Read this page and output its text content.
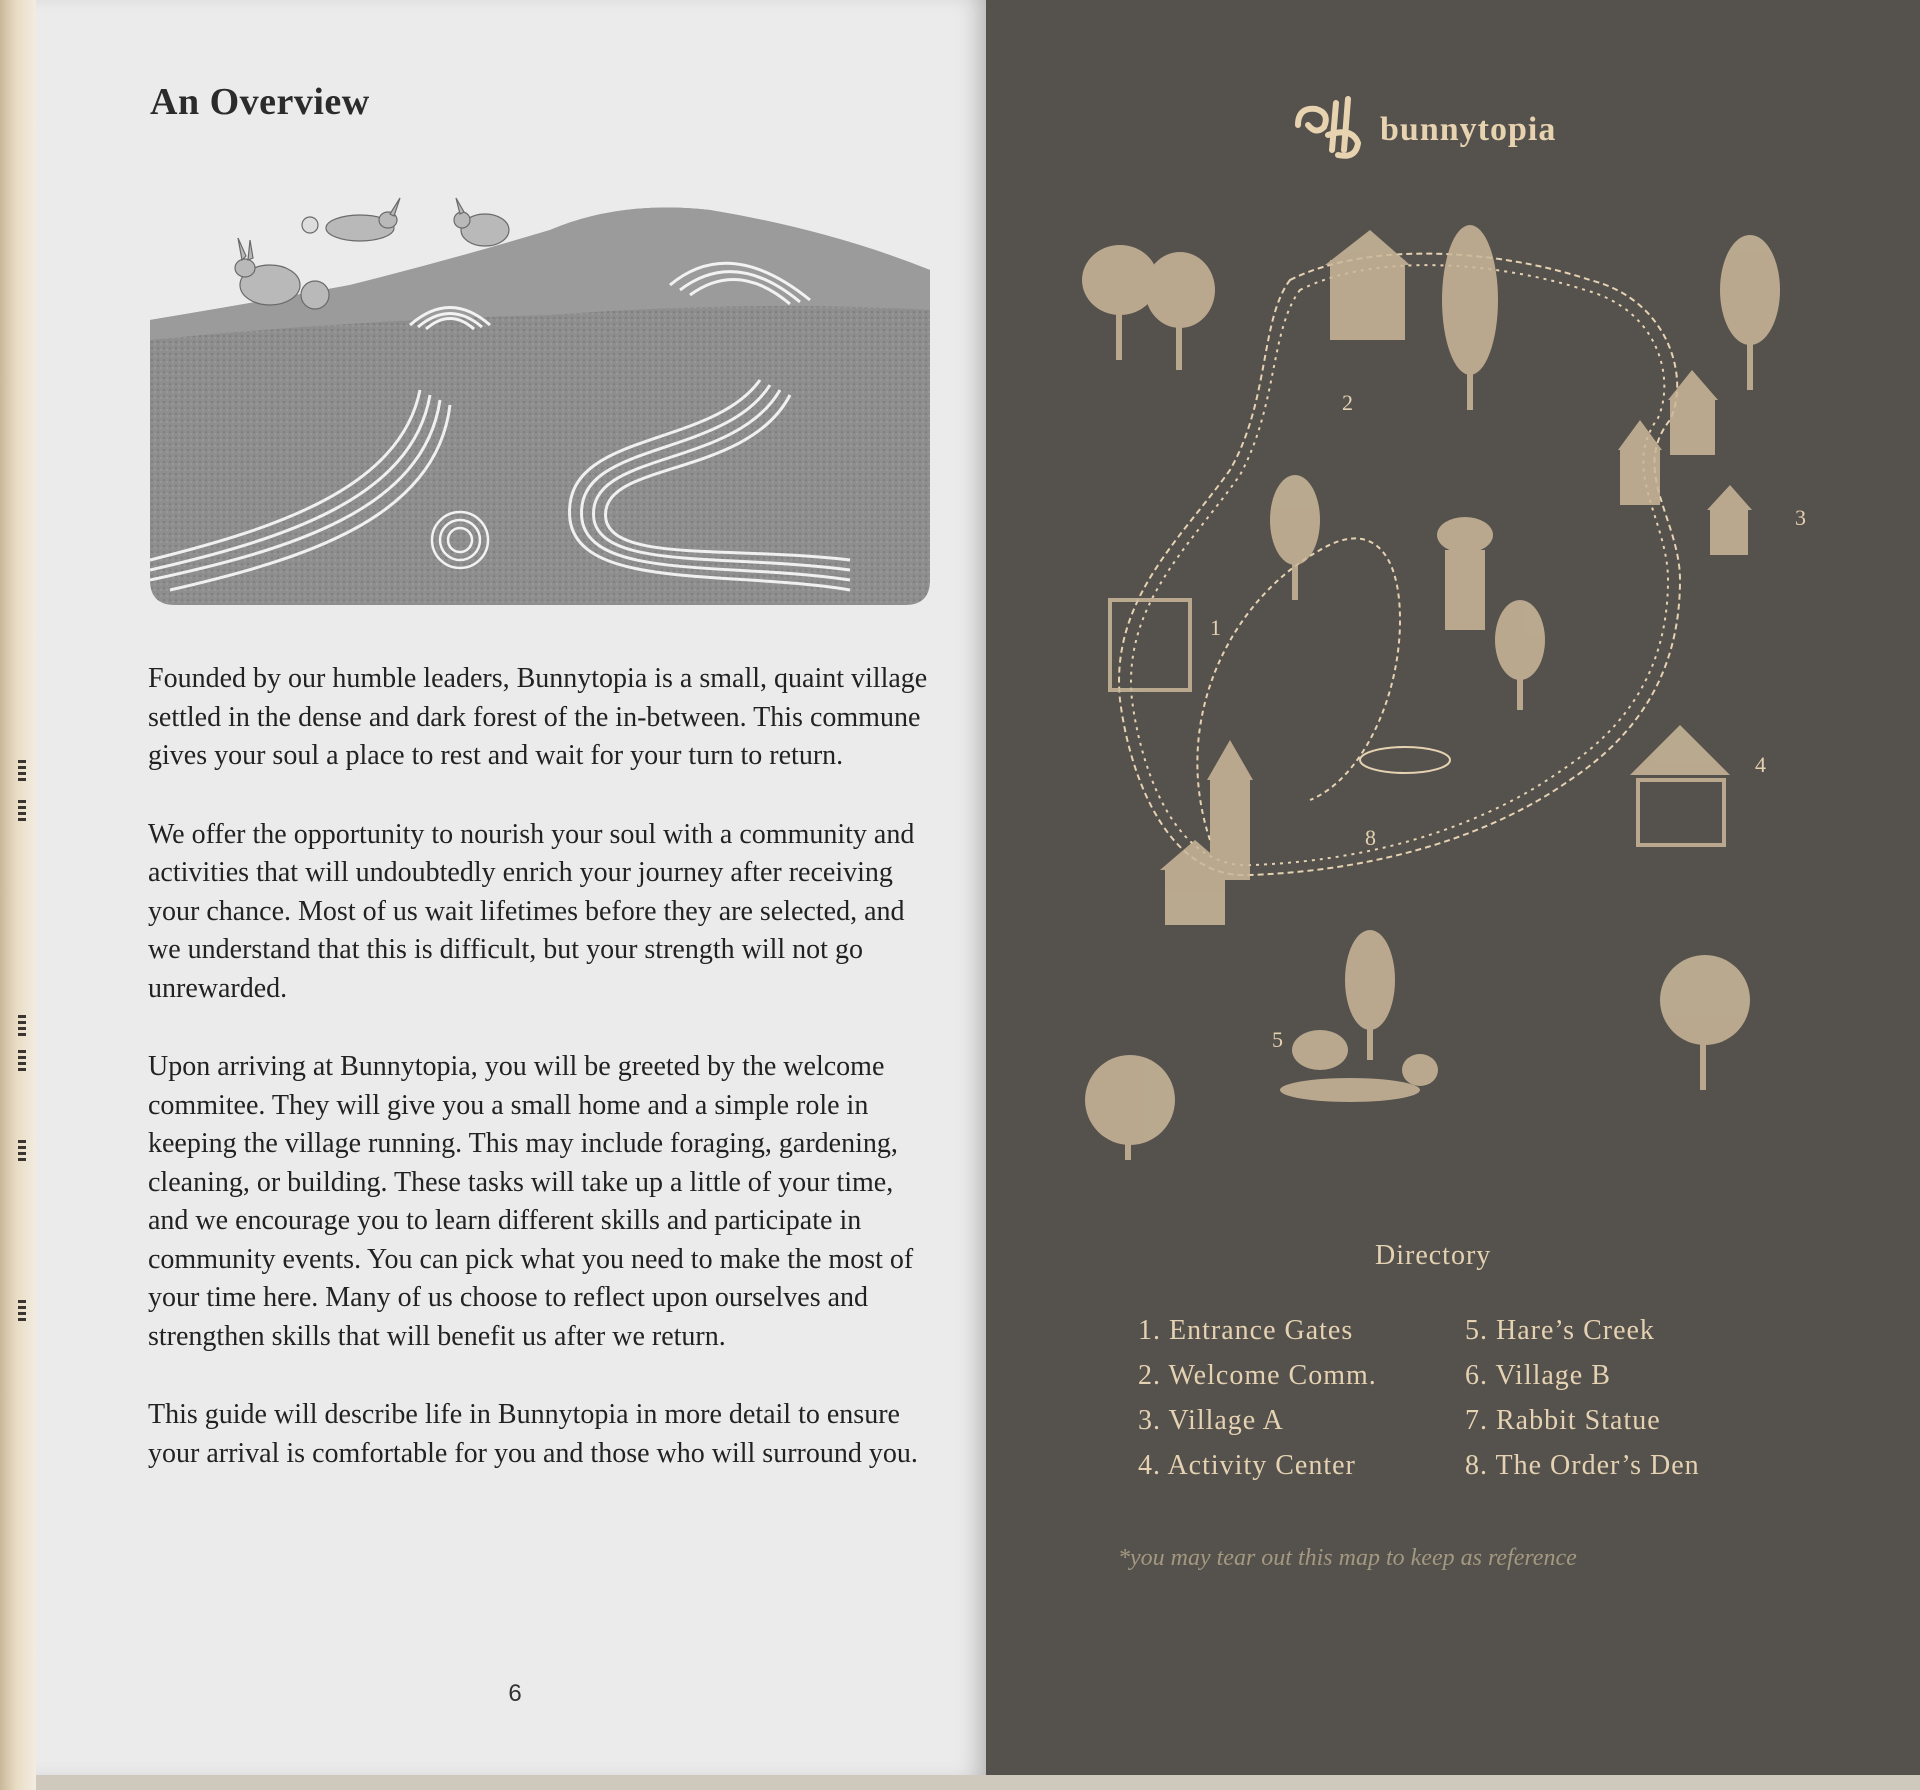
An Overview

Founded by our humble leaders, Bunnytopia is a small, quaint village settled in the dense and dark forest of the in-between. This commune gives your soul a place to rest and wait for your turn to return.

We offer the opportunity to nourish your soul with a community and activities that will undoubtedly enrich your journey after receiving your chance. Most of us wait lifetimes before they are selected, and we understand that this is difficult, but your strength will not go unrewarded.

Upon arriving at Bunnytopia, you will be greeted by the welcome commitee. They will give you a small home and a simple role in keeping the village running. This may include foraging, gardening, cleaning, or building. These tasks will take up a little of your time, and we encourage you to learn different skills and participate in community events. You can pick what you need to make the most of your time here. Many of us choose to reflect upon ourselves and strengthen skills that will benefit us after we return.

This guide will describe life in Bunnytopia in more detail to ensure your arrival is comfortable for you and those who will surround you.

6
bunnytopia
1
2
3
4
5
8
Directory
1. Entrance Gates
2. Welcome Comm.
3. Village A
4. Activity Center
5. Hare’s Creek
6. Village B
7. Rabbit Statue
8. The Order’s Den
*you may tear out this map to keep as reference
